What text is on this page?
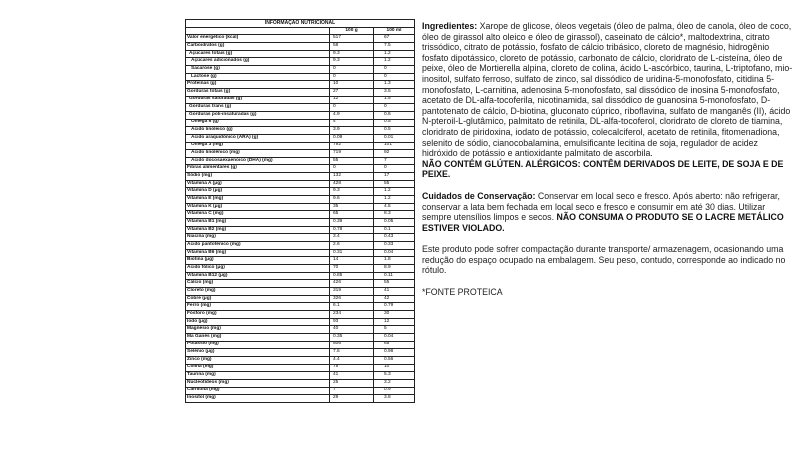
INFORMAÇÃO NUTRICIONAL		
	100 g	100 ml
Valor energético (kcal)	517	67
Carboidratos (g)	58	7.5
Açúcares totais (g)	9.3	1.2
Açúcares adicionados (g)	9.3	1.2
Sacarose (g)	0	0
Lactose (g)	0	0
Proteínas (g)	10	1.3
Gorduras totais (g)	27	3.5
Gorduras saturadas (g)	12	1.5
Gorduras trans (g)	0	0
Gorduras poli-insaturadas (g)	4.9	0.6
Ômega 6 (g)	4	0.5
Ácido linoleico (g)	3.9	0.5
Ácido araquidônico (ARA) (g)	0.09	0.01
Ômega 3 (mg)	792	101
Ácido linolênico (mg)	719	92
Ácido docosaexaenoico (DHA) (mg)	55	7
Fibras alimentares (g)	0	0
Sódio (mg)	132	17
Vitamina A (μg)	428	55
Vitamina D (μg)	9.3	1.2
Vitamina E (mg)	9.6	1.2
Vitamina K (μg)	35	4.5
Vitamina C (mg)	65	8.3
Vitamina B1 (mg)	0.39	0.05
Vitamina B2 (mg)	0.78	0.1
Niacina (mg)	3.4	0.43
Ácido pantotênico (mg)	2.6	0.33
Vitamina B6 (mg)	0.31	0.04
Biotina (μg)	14	1.8
Ácido fólico (μg)	70	8.9
Vitamina B12 (μg)	0.85	0.11
Cálcio (mg)	426	55
Cloreto (mg)	319	41
Cobre (μg)	326	42
Ferro (mg)	6.1	0.79
Fósforo (mg)	234	30
Iodo (μg)	93	12
Magnésio (mg)	40	5
Ma Ganês (mg)	0.35	0.04
Potássio (mg)	506	65
Selênio (μg)	7.6	0.98
Zinco (mg)	4.4	0.56
Colina (mg)	78	10
Taurina (mg)	41	5.3
Nucleotídeos (mg)	25	3.2
Carnitina (mg)	7	0.9
Inositol (mg)	29	3.8

Ingredientes: Xarope de glicose, óleos vegetais (óleo de palma, óleo de canola, óleo de coco, óleo de girassol alto oleico e óleo de girassol), caseinato de cálcio*, maltodextrina, citrato trissódico, citrato de potássio, fosfato de cálcio tribásico, cloreto de magnésio, hidrogênio fosfato dipotássico, cloreto de potássio, carbonato de cálcio, cloridrato de L-cisteína, óleo de peixe, óleo de Mortierella alpina, cloreto de colina, ácido L-ascórbico, taurina, L-triptofano, mio-inositol, sulfato ferroso, sulfato de zinco, sal dissódico de uridina-5-monofosfato, citidina 5-monofosfato, L-carnitina, adenosina 5-monofosfato, sal dissódico de inosina 5-monofosfato, acetato de DL-alfa-tocoferila, nicotinamida, sal dissódico de guanosina 5-monofosfato, D-pantotenato de cálcio, D-biotina, gluconato cúprico, riboflavina, sulfato de manganês (II), ácido N-pteroil-L-glutâmico, palmitato de retinila, DL-alfa-tocoferol, cloridrato de cloreto de tiamina, cloridrato de piridoxina, iodato de potássio, colecalciferol, acetato de retinila, fitomenadiona, selenito de sódio, cianocobalamina, emulsificante lecitina de soja, regulador de acidez hidróxido de potássio e antioxidante palmitato de ascorbila.

NÃO CONTÉM GLÚTEN. ALÉRGICOS: CONTÊM DERIVADOS DE LEITE, DE SOJA E DE PEIXE.

Cuidados de Conservação: Conservar em local seco e fresco. Após aberto: não refrigerar, conservar a lata bem fechada em local seco e fresco e consumir em até 30 dias. Utilizar sempre utensílios limpos e secos. NÃO CONSUMA O PRODUTO SE O LACRE METÁLICO ESTIVER VIOLADO.

Este produto pode sofrer compactação durante transporte/ armazenagem, ocasionando uma redução do espaço ocupado na embalagem. Seu peso, contudo, corresponde ao indicado no rótulo.

*FONTE PROTEICA
